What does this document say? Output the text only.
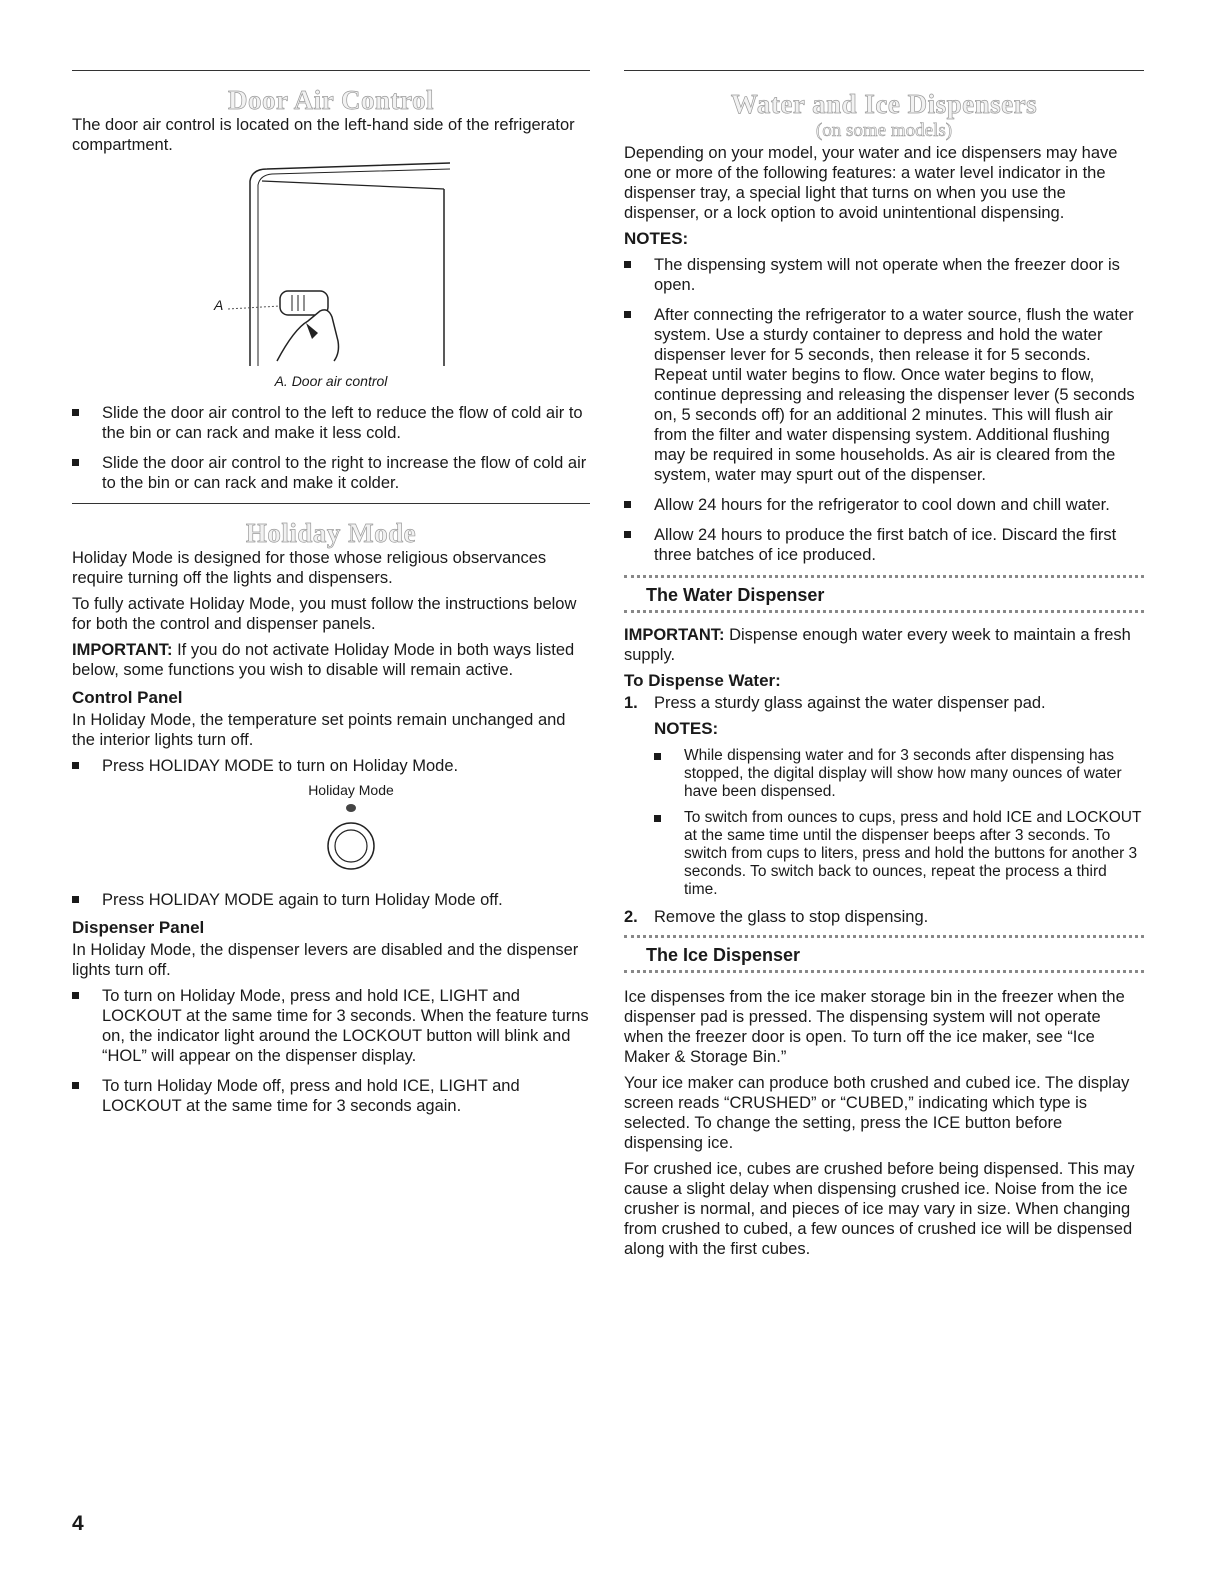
Door Air Control

The door air control is located on the left-hand side of the refrigerator compartment.

A
A. Door air control
Slide the door air control to the left to reduce the flow of cold air to the bin or can rack and make it less cold.
Slide the door air control to the right to increase the flow of cold air to the bin or can rack and make it colder.
Holiday Mode

Holiday Mode is designed for those whose religious observances require turning off the lights and dispensers.

To fully activate Holiday Mode, you must follow the instructions below for both the control and dispenser panels.

IMPORTANT: If you do not activate Holiday Mode in both ways listed below, some functions you wish to disable will remain active.

Control Panel

In Holiday Mode, the temperature set points remain unchanged and the interior lights turn off.

Press HOLIDAY MODE to turn on Holiday Mode.
Holiday Mode
Press HOLIDAY MODE again to turn Holiday Mode off.
Dispenser Panel

In Holiday Mode, the dispenser levers are disabled and the dispenser lights turn off.

To turn on Holiday Mode, press and hold ICE, LIGHT and LOCKOUT at the same time for 3 seconds. When the feature turns on, the indicator light around the LOCKOUT button will blink and “HOL” will appear on the dispenser display.
To turn Holiday Mode off, press and hold ICE, LIGHT and LOCKOUT at the same time for 3 seconds again.
Water and Ice Dispensers
(on some models)

Depending on your model, your water and ice dispensers may have one or more of the following features: a water level indicator in the dispenser tray, a special light that turns on when you use the dispenser, or a lock option to avoid unintentional dispensing.

NOTES:
The dispensing system will not operate when the freezer door is open.
After connecting the refrigerator to a water source, flush the water system. Use a sturdy container to depress and hold the water dispenser lever for 5 seconds, then release it for 5 seconds. Repeat until water begins to flow. Once water begins to flow, continue depressing and releasing the dispenser lever (5 seconds on, 5 seconds off) for an additional 2 minutes. This will flush air from the filter and water dispensing system. Additional flushing may be required in some households. As air is cleared from the system, water may spurt out of the dispenser.
Allow 24 hours for the refrigerator to cool down and chill water.
Allow 24 hours to produce the first batch of ice. Discard the first three batches of ice produced.
The Water Dispenser

IMPORTANT: Dispense enough water every week to maintain a fresh supply.

To Dispense Water:
1. Press a sturdy glass against the water dispenser pad.
NOTES:
While dispensing water and for 3 seconds after dispensing has stopped, the digital display will show how many ounces of water have been dispensed.
To switch from ounces to cups, press and hold ICE and LOCKOUT at the same time until the dispenser beeps after 3 seconds. To switch from cups to liters, press and hold the buttons for another 3 seconds. To switch back to ounces, repeat the process a third time.
2. Remove the glass to stop dispensing.
The Ice Dispenser

Ice dispenses from the ice maker storage bin in the freezer when the dispenser pad is pressed. The dispensing system will not operate when the freezer door is open. To turn off the ice maker, see “Ice Maker & Storage Bin.”

Your ice maker can produce both crushed and cubed ice. The display screen reads “CRUSHED” or “CUBED,” indicating which type is selected. To change the setting, press the ICE button before dispensing ice.

For crushed ice, cubes are crushed before being dispensed. This may cause a slight delay when dispensing crushed ice. Noise from the ice crusher is normal, and pieces of ice may vary in size. When changing from crushed to cubed, a few ounces of crushed ice will be dispensed along with the first cubes.

4
